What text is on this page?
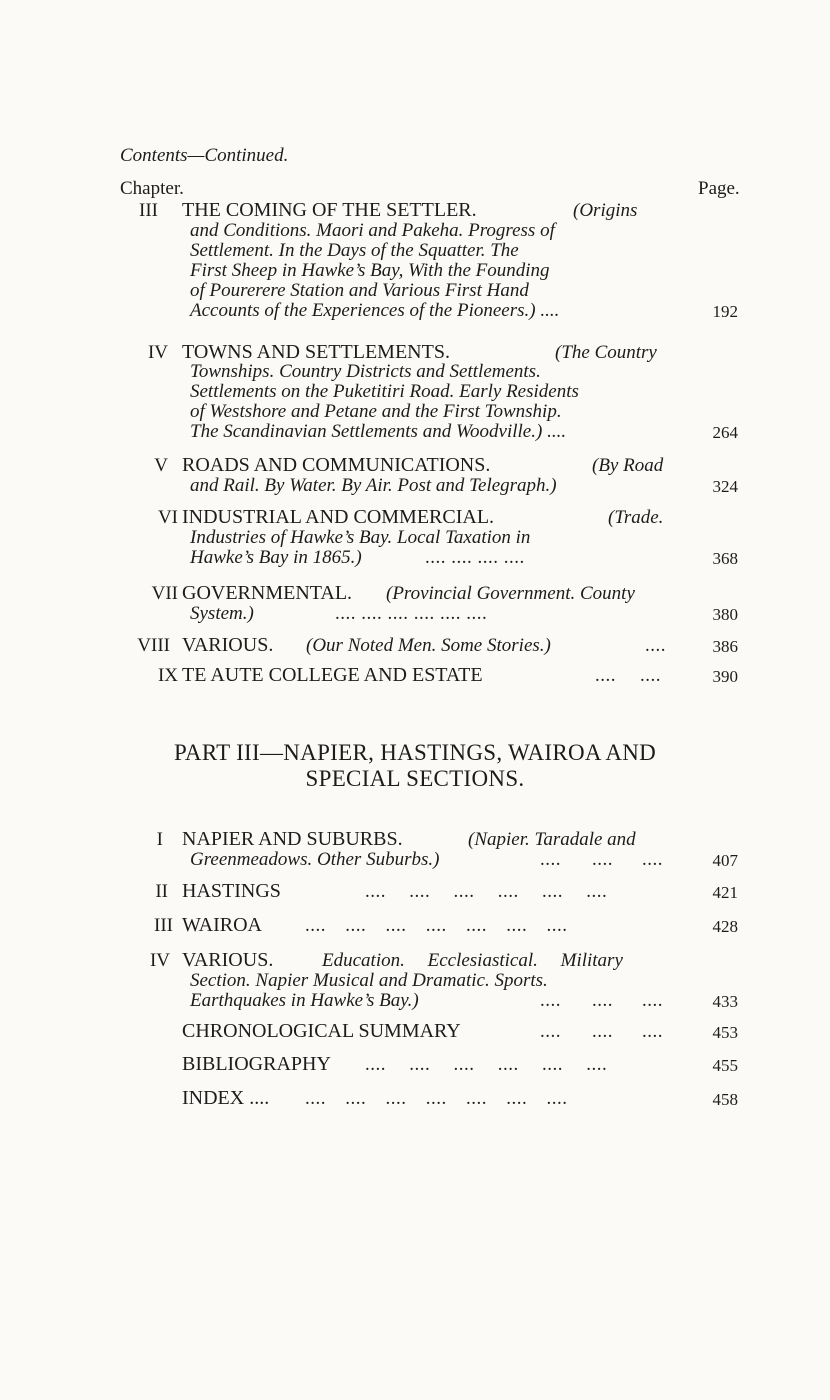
Contents—Continued.
Chapter.	Page.
III THE COMING OF THE SETTLER.	(Origins
and Conditions. Maori and Pakeha. Progress of
Settlement. In the Days of the Squatter. The
First Sheep in Hawke’s Bay, With the Founding
of Pourerere Station and Various First Hand
Accounts of the Experiences of the Pioneers.) ....	192
IV TOWNS AND SETTLEMENTS.	(The Country
Townships. Country Districts and Settlements.
Settlements on the Puketitiri Road. Early Residents
of Westshore and Petane and the First Township.
The Scandinavian Settlements and Woodville.) ....	264
V ROADS AND COMMUNICATIONS.	(By Road
and Rail. By Water. By Air. Post and Telegraph.)	324
VI INDUSTRIAL AND COMMERCIAL.	(Trade.
Industries of Hawke’s Bay. Local Taxation in
Hawke’s Bay in 1865.)	.... .... .... ....	368
VII GOVERNMENTAL. (Provincial Government. County
System.)	.... .... .... .... .... ....	380
VIII VARIOUS. (Our Noted Men. Some Stories.)	....	386
IX TE AUTE COLLEGE AND ESTATE	.... ....	390
PART III—NAPIER, HASTINGS, WAIROA AND
SPECIAL SECTIONS.
I NAPIER AND SUBURBS.	(Napier. Taradale and
Greenmeadows. Other Suburbs.)	.... .... ....	407
II HASTINGS	.... .... .... .... .... ....	421
III WAIROA .... .... .... .... .... .... ....	428
IV VARIOUS.	Education. Ecclesiastical. Military
Section. Napier Musical and Dramatic. Sports.
Earthquakes in Hawke’s Bay.)	.... .... ....	433
CHRONOLOGICAL SUMMARY	.... .... ....	453
BIBLIOGRAPHY .... .... .... .... .... ....	455
INDEX .... .... .... .... .... .... .... ....	458
